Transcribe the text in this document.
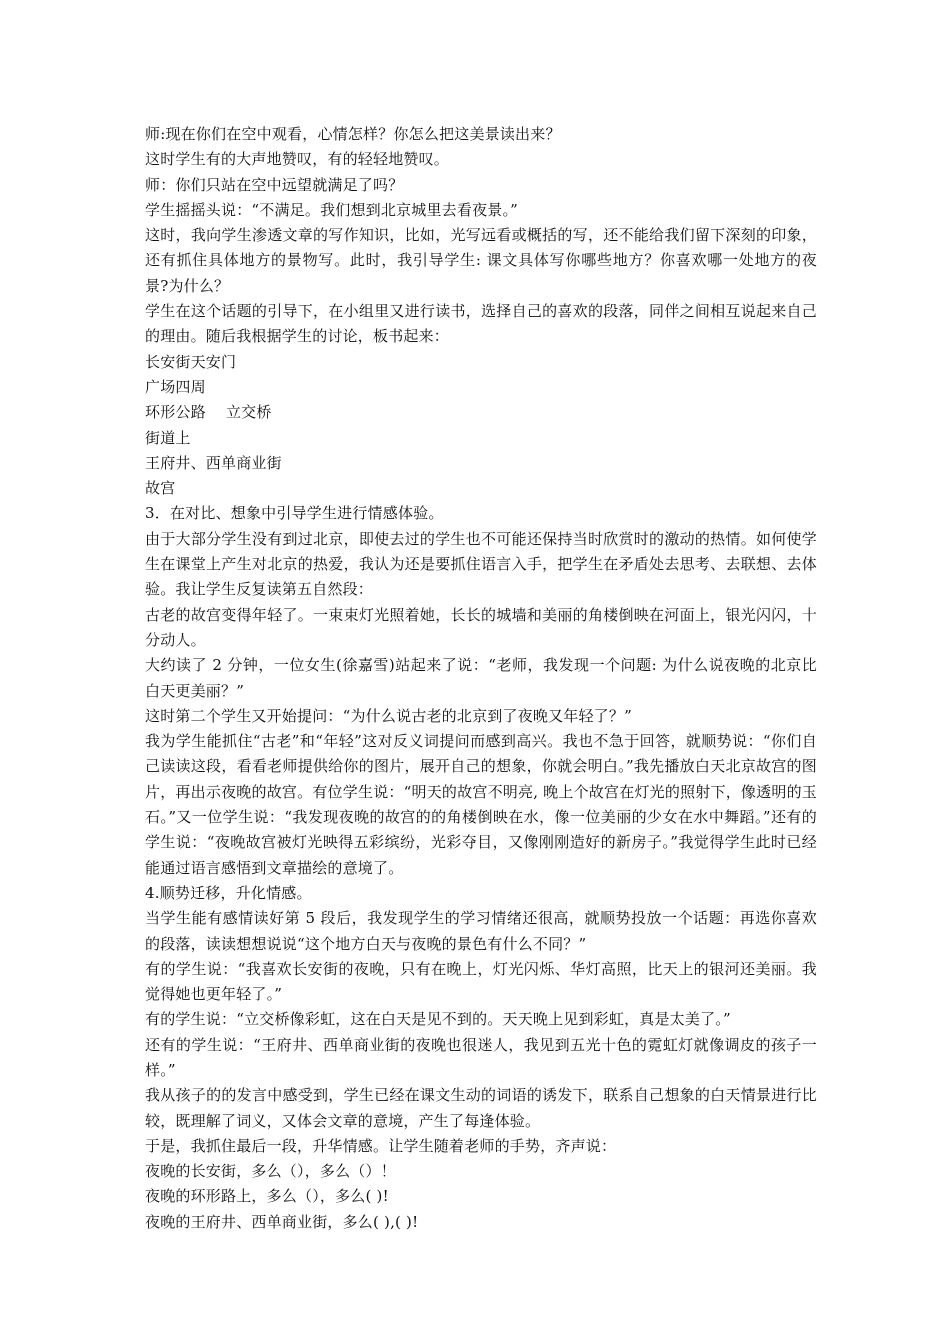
师:现在你们在空中观看，心情怎样？你怎么把这美景读出来？

这时学生有的大声地赞叹，有的轻轻地赞叹。

师：你们只站在空中远望就满足了吗？

学生摇摇头说：“不满足。我们想到北京城里去看夜景。”

这时，我向学生渗透文章的写作知识，比如，光写远看或概括的写，还不能给我们留下深刻的印象，还有抓住具体地方的景物写。此时，我引导学生: 课文具体写你哪些地方？你喜欢哪一处地方的夜景?为什么？

学生在这个话题的引导下，在小组里又进行读书，选择自己的喜欢的段落，同伴之间相互说起来自己的理由。随后我根据学生的讨论，板书起来：

长安街天安门

广场四周

环形公路　 立交桥

街道上

王府井、西单商业街

故宫

3．在对比、想象中引导学生进行情感体验。

由于大部分学生没有到过北京，即使去过的学生也不可能还保持当时欣赏时的激动的热情。如何使学生在课堂上产生对北京的热爱，我认为还是要抓住语言入手，把学生在矛盾处去思考、去联想、去体验。我让学生反复读第五自然段：

古老的故宫变得年轻了。一束束灯光照着她，长长的城墙和美丽的角楼倒映在河面上，银光闪闪，十分动人。

大约读了 2 分钟，一位女生(徐嘉雪)站起来了说：“老师，我发现一个问题: 为什么说夜晚的北京比白天更美丽？”

这时第二个学生又开始提问：“为什么说古老的北京到了夜晚又年轻了？”

我为学生能抓住“古老”和“年轻”这对反义词提问而感到高兴。我也不急于回答，就顺势说：“你们自己读读这段，看看老师提供给你的图片，展开自己的想象，你就会明白。”我先播放白天北京故宫的图片，再出示夜晚的故宫。有位学生说：“明天的故宫不明亮, 晚上个故宫在灯光的照射下，像透明的玉石。”又一位学生说：“我发现夜晚的故宫的的角楼倒映在水，像一位美丽的少女在水中舞蹈。”还有的学生说：“夜晚故宫被灯光映得五彩缤纷，光彩夺目，又像刚刚造好的新房子。”我觉得学生此时已经能通过语言感悟到文章描绘的意境了。

4.顺势迁移，升化情感。

当学生能有感情读好第 5 段后，我发现学生的学习情绪还很高，就顺势投放一个话题：再选你喜欢的段落，读读想想说说“这个地方白天与夜晚的景色有什么不同？”

有的学生说：“我喜欢长安街的夜晚，只有在晚上，灯光闪烁、华灯高照，比天上的银河还美丽。我觉得她也更年轻了。”

有的学生说：“立交桥像彩虹，这在白天是见不到的。天天晚上见到彩虹，真是太美了。”

还有的学生说：“王府井、西单商业街的夜晚也很迷人，我见到五光十色的霓虹灯就像调皮的孩子一样。”

我从孩子的的发言中感受到，学生已经在课文生动的词语的诱发下，联系自己想象的白天情景进行比较，既理解了词义，又体会文章的意境，产生了每逢体验。

于是，我抓住最后一段，升华情感。让学生随着老师的手势，齐声说：

夜晚的长安街，多么（），多么（）！

夜晚的环形路上，多么（），多么( )!

夜晚的王府井、西单商业街，多么( ),( )!
